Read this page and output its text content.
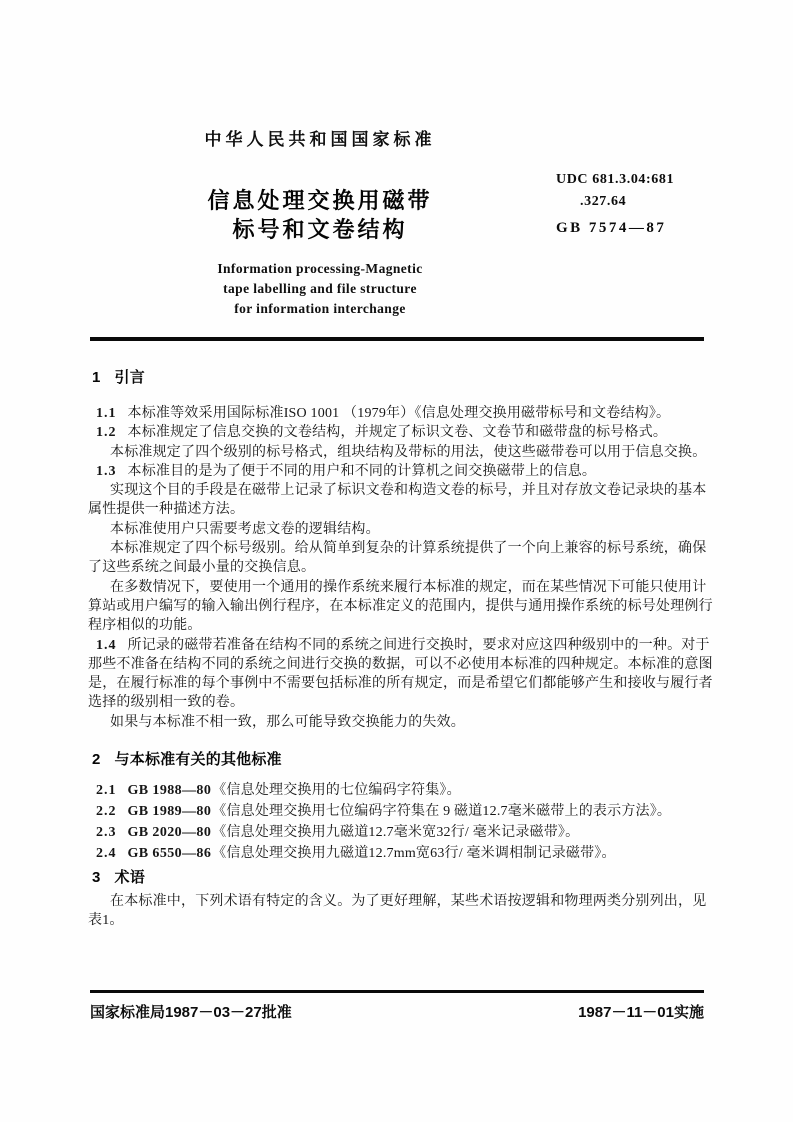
中华人民共和国国家标准
信息处理交换用磁带
标号和文卷结构
Information processing-Magnetic
tape labelling and file structure
for information interchange
UDC 681.3.04:681
.327.64
GB 7574—87
1 引言

1.1 本标准等效采用国际标准ISO 1001 （1979年）《信息处理交换用磁带标号和文卷结构》。

1.2 本标准规定了信息交换的文卷结构，并规定了标识文卷、文卷节和磁带盘的标号格式。

本标准规定了四个级别的标号格式，组块结构及带标的用法，使这些磁带卷可以用于信息交换。

1.3 本标准目的是为了便于不同的用户和不同的计算机之间交换磁带上的信息。

实现这个目的手段是在磁带上记录了标识文卷和构造文卷的标号，并且对存放文卷记录块的基本

属性提供一种描述方法。

本标准使用户只需要考虑文卷的逻辑结构。

本标准规定了四个标号级别。给从简单到复杂的计算系统提供了一个向上兼容的标号系统，确保

了这些系统之间最小量的交换信息。

在多数情况下，要使用一个通用的操作系统来履行本标准的规定，而在某些情况下可能只使用计

算站或用户编写的输入输出例行程序，在本标准定义的范围内，提供与通用操作系统的标号处理例行

程序相似的功能。

1.4 所记录的磁带若准备在结构不同的系统之间进行交换时，要求对应这四种级别中的一种。对于

那些不准备在结构不同的系统之间进行交换的数据，可以不必使用本标准的四种规定。本标准的意图

是，在履行标准的每个事例中不需要包括标准的所有规定，而是希望它们都能够产生和接收与履行者

选择的级别相一致的卷。

如果与本标准不相一致，那么可能导致交换能力的失效。

2 与本标准有关的其他标准

2.1 GB 1988—80《信息处理交换用的七位编码字符集》。

2.2 GB 1989—80《信息处理交换用七位编码字符集在 9 磁道12.7毫米磁带上的表示方法》。

2.3 GB 2020—80《信息处理交换用九磁道12.7毫米宽32行/ 毫米记录磁带》。

2.4 GB 6550—86《信息处理交换用九磁道12.7mm宽63行/ 毫米调相制记录磁带》。

3 术语

在本标准中，下列术语有特定的含义。为了更好理解，某些术语按逻辑和物理两类分别列出，见

表1。

国家标准局1987－03－27批准	1987－11－01实施
